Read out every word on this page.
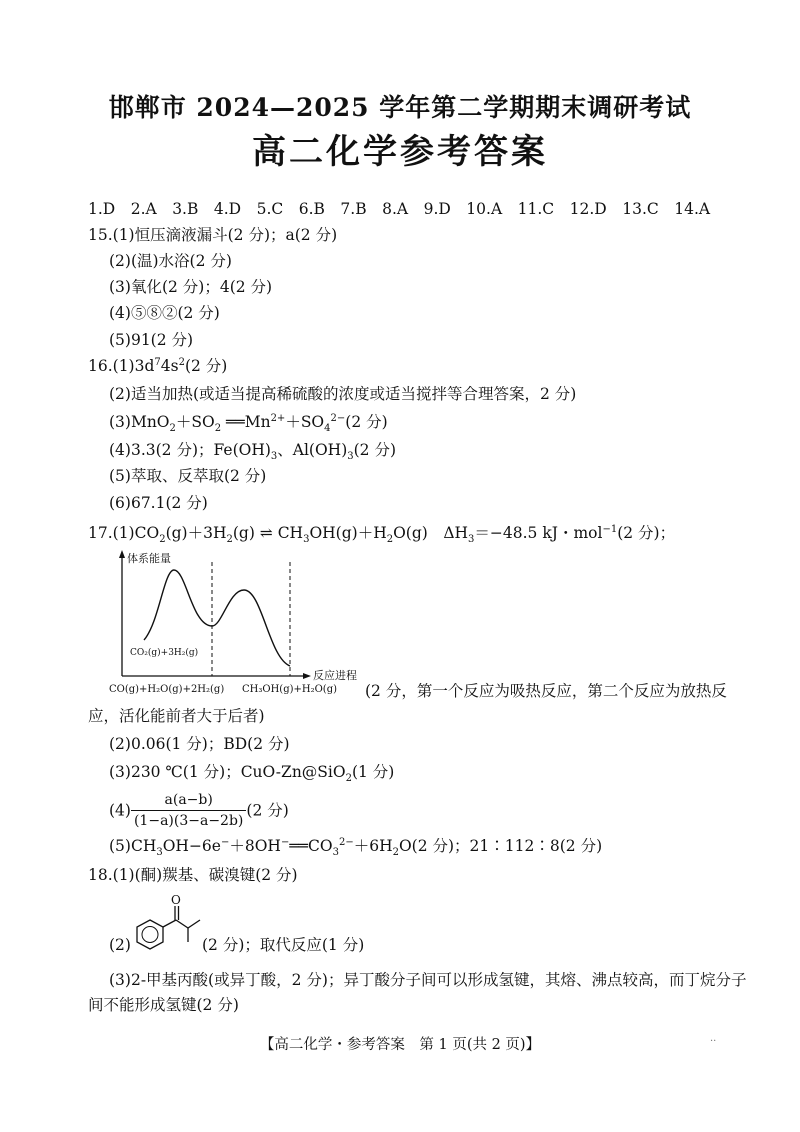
邯郸市 2024—2025 学年第二学期期末调研考试
高二化学参考答案
1.D　2.A　3.B　4.D　5.C　6.B　7.B　8.A　9.D　10.A　11.C　12.D　13.C　14.A
15.(1)恒压滴液漏斗(2 分)；a(2 分)
(2)(温)水浴(2 分)
(3)氧化(2 分)；4(2 分)
(4)⑤⑧②(2 分)
(5)91(2 分)
$16.(1)3d^74s^2(2$ 分)
(2)适当加热(或适当提高稀硫酸的浓度或适当搅拌等合理答案，2 分)
$(3)MnO_2+SO_2$ $══Mn^{2+}+SO_4^{2-}(2$ 分)
(4)3.3(2 分)；$Fe(OH)_3$、$Al(OH)_3(2$ 分)
(5)萃取、反萃取(2 分)
(6)67.1(2 分)
$17.(1)CO_2(g)+3H_2(g)$ ⇌ $CH_3OH(g)+H_2O(g)$　$\Delta H_3=-48.5$ kJ・mol$^{-1}$(2 分)；
体系能量
反应进程
CO₂(g)+3H₂(g)
CO(g)+H₂O(g)+2H₂(g) CH₃OH(g)+H₂O(g) (2 分，第一个反应为吸热反应，第二个反应为放热反
应，活化能前者大于后者)
(2)0.06(1 分)；BD(2 分)
(3)230 ℃(1 分)；CuO-Zn@SiO$_2$(1 分)
$(4) \frac{a(a-b)}{(1-a)(3-a-2b)} (2$ 分)
$(5)CH_3OH-6e^-+8OH^-══CO_3^{2-}+6H_2O(2$ 分)；21∶112∶8(2 分)
18.(1)(酮)羰基、碳溴键(2 分)
(2)
O
(2 分)；取代反应(1 分)
(3)2-甲基丙酸(或异丁酸，2 分)；异丁酸分子间可以形成氢键，其熔、沸点较高，而丁烷分子
间不能形成氢键(2 分)
【高二化学・参考答案　第 1 页(共 2 页)】	··
